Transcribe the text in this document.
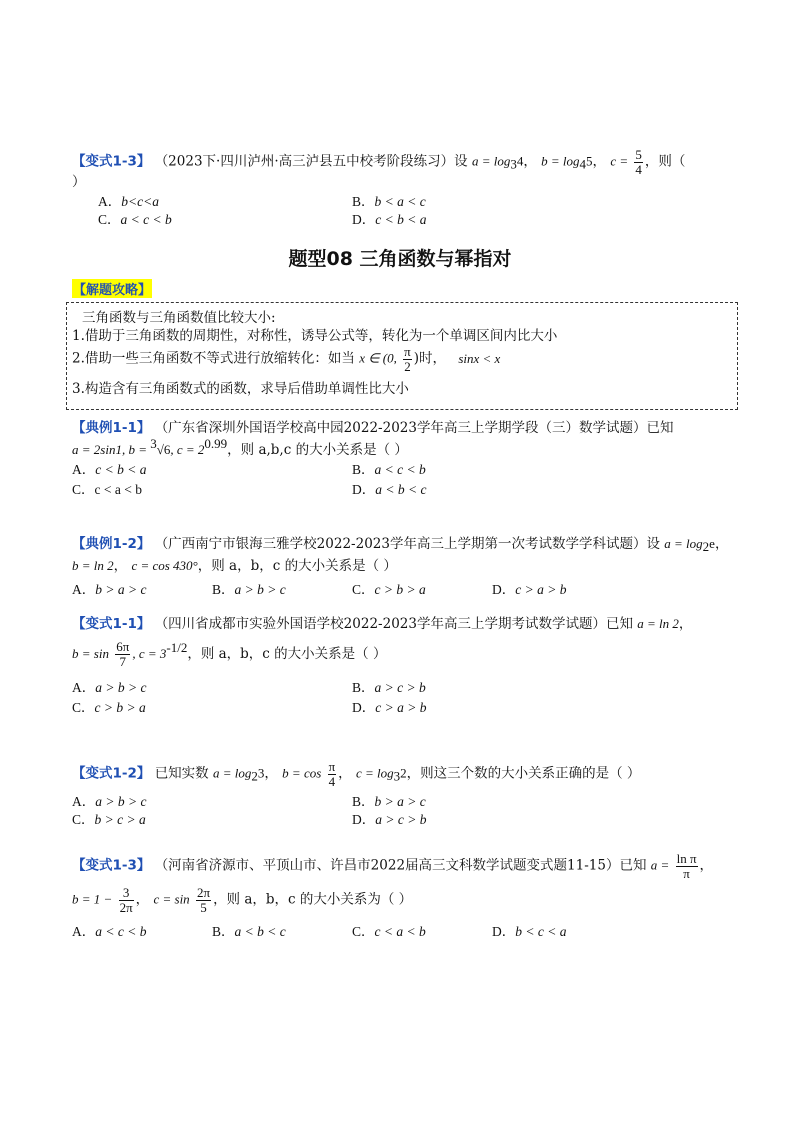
【变式1-3】 （2023下·四川泸州·高三泸县五中校考阶段练习）设 a = log34， b = log45， $c = \frac{5}{4}$ ，则（
）
A．b<c<a	B．b < a < c
C．a < c < b	D．c < b < a
题型08 三角函数与幂指对
【解题攻略】
三角函数与三角函数值比较大小:
1.借助于三角函数的周期性，对称性，诱导公式等，转化为一个单调区间内比大小
2.借助一些三角函数不等式进行放缩转化：如当 x ∈ (0, $\frac{\pi}{2}$ )时， sinx < x
3.构造含有三角函数式的函数，求导后借助单调性比大小
【典例1-1】 （广东省深圳外国语学校高中园2022-2023学年高三上学期学段（三）数学试题）已知
a = 2sin1, b = 3√6, c = 20.99，则 a,b,c 的大小关系是（ ）
A．c < b < a	B．a < c < b
C．c < a < b	D．a < b < c
【典例1-2】 （广西南宁市银海三雅学校2022-2023学年高三上学期第一次考试数学学科试题）设 a = log2e，
b = ln 2， c = cos 430°，则 a，b，c 的大小关系是（ ）
A．b > a > c	B．a > b > c	C．c > b > a	D．c > a > b
【变式1-1】 （四川省成都市实验外国语学校2022-2023学年高三上学期考试数学试题）已知 a = ln 2，
$b = \sin \frac{6\pi}{7}$ , c = 3-1/2，则 a，b，c 的大小关系是（ ）
A．a > b > c	B．a > c > b
C．c > b > a	D．c > a > b
【变式1-2】 已知实数 a = log23， $b = \cos \frac{\pi}{4}$ ， c = log32，则这三个数的大小关系正确的是（ ）
A．a > b > c	B．b > a > c
C．b > c > a	D．a > c > b
【变式1-3】 （河南省济源市、平顶山市、许昌市2022届高三文科数学试题变式题11-15）已知 $a = \frac{\text{ln π}}{\pi}$ ，
$b = 1 - \frac{3}{2\pi}$ ， $c = \sin \frac{2\pi}{5}$ ，则 a，b，c 的大小关系为（ ）
A．a < c < b	B．a < b < c	C．c < a < b	D．b < c < a
